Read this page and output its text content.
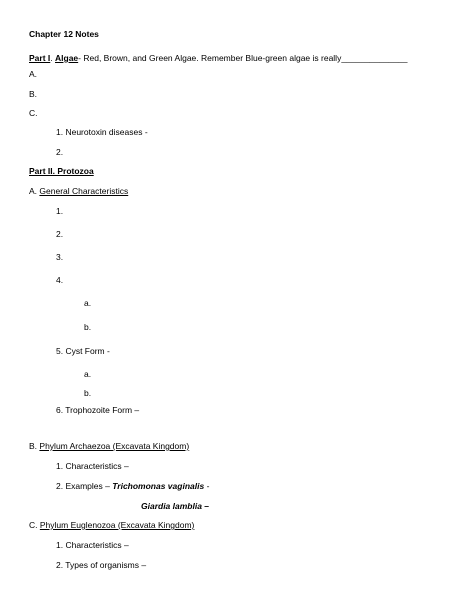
Chapter 12 Notes
Part I. Algae- Red, Brown, and Green Algae. Remember Blue-green algae is really______________
A.
B.
C.
1. Neurotoxin diseases -
2.
Part II. Protozoa
A. General Characteristics
1.
2.
3.
4.
a.
b.
5. Cyst Form -
a.
b.
6. Trophozoite Form –
B. Phylum Archaezoa (Excavata Kingdom)
1. Characteristics –
2. Examples – Trichomonas vaginalis -
Giardia lamblia –
C. Phylum Euglenozoa (Excavata Kingdom)
1. Characteristics –
2. Types of organisms –
